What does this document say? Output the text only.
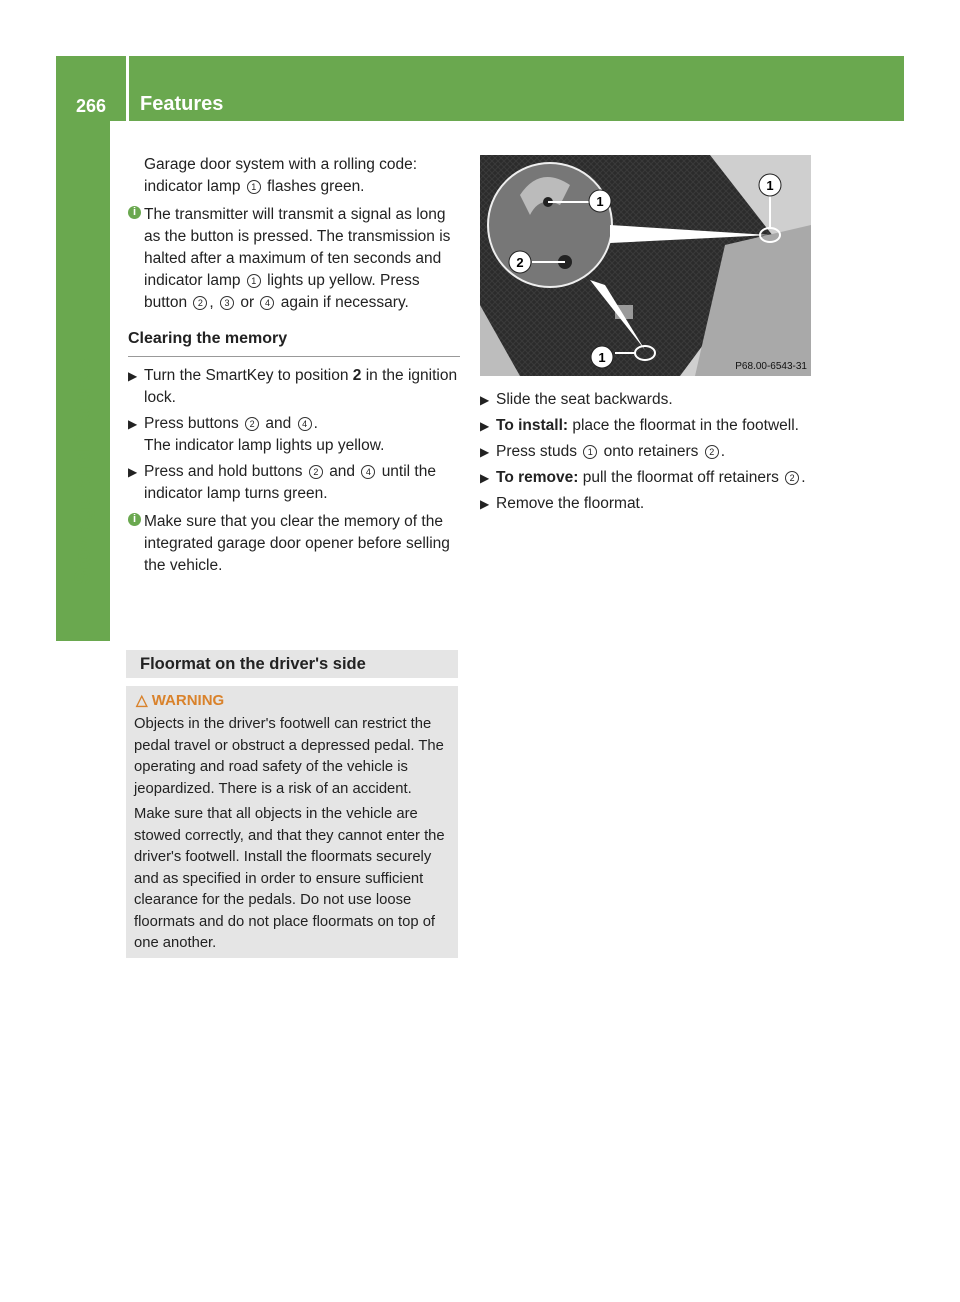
266	Features
Stowage and features

Garage door system with a rolling code:
indicator lamp 1 flashes green.

i The transmitter will transmit a signal as long as the button is pressed. The transmission is halted after a maximum of ten seconds and indicator lamp 1 lights up yellow. Press button 2 , 3 or 4 again if necessary.
Clearing the memory
▶ Turn the SmartKey to position 2 in the ignition lock.
▶ Press buttons 2 and 4 .
The indicator lamp lights up yellow.
▶ Press and hold buttons 2 and 4 until the indicator lamp turns green.
i Make sure that you clear the memory of the integrated garage door opener before selling the vehicle.
Floormat on the driver's side
△ WARNING

Objects in the driver's footwell can restrict the pedal travel or obstruct a depressed pedal. The operating and road safety of the vehicle is jeopardized. There is a risk of an accident.

Make sure that all objects in the vehicle are stowed correctly, and that they cannot enter the driver's footwell. Install the floormats securely and as specified in order to ensure sufficient clearance for the pedals. Do not use loose floormats and do not place floormats on top of one another.

1
2
1
1
P68.00-6543-31
▶ Slide the seat backwards.
▶ To install: place the floormat in the footwell.
▶ Press studs 1 onto retainers 2 .
▶ To remove: pull the floormat off retainers 2 .
▶ Remove the floormat.
